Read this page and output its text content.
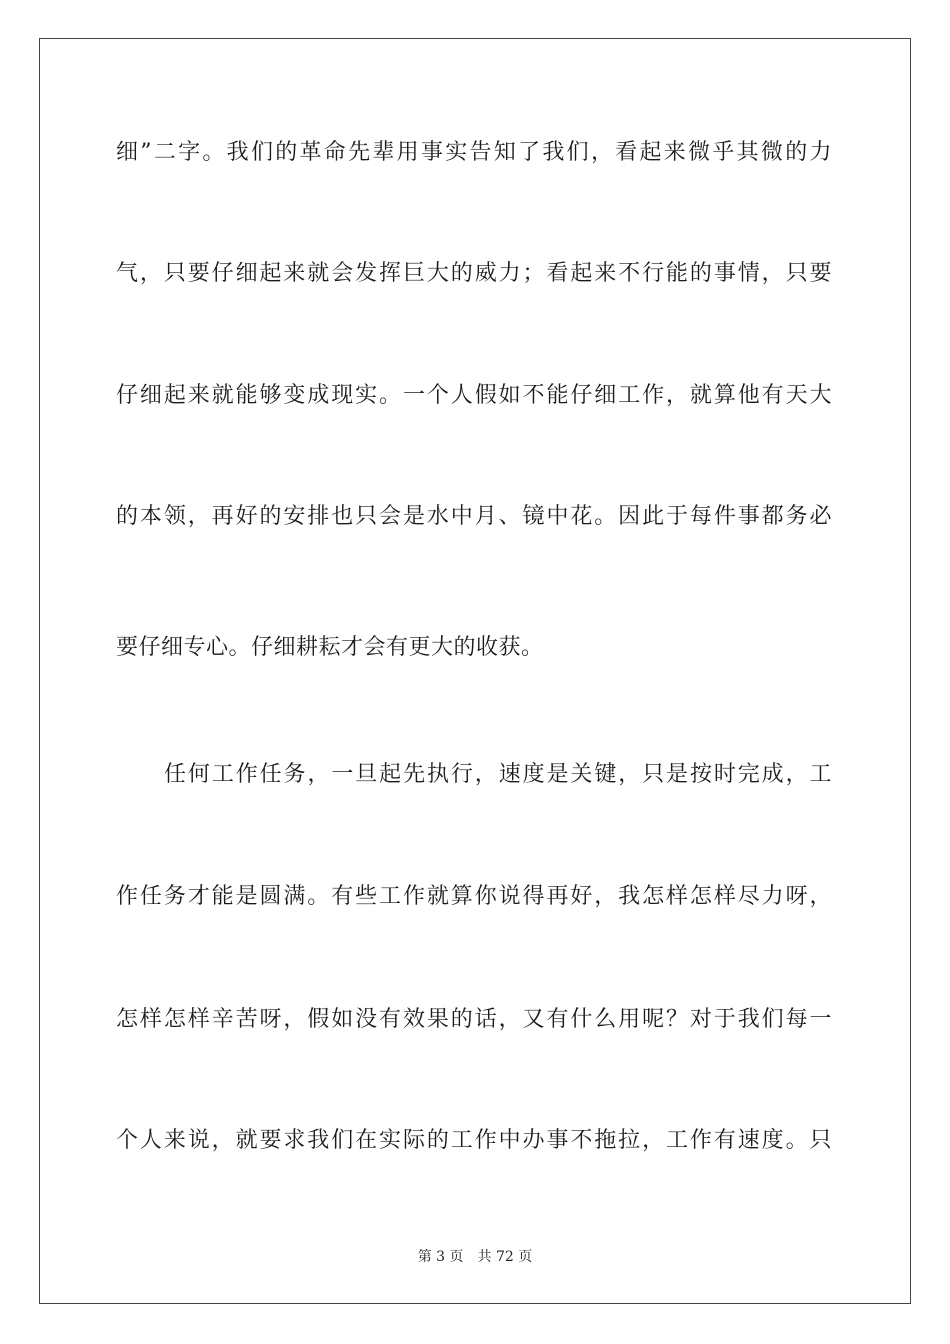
细”二字。我们的革命先辈用事实告知了我们，看起来微乎其微的力
气，只要仔细起来就会发挥巨大的威力；看起来不行能的事情，只要
仔细起来就能够变成现实。一个人假如不能仔细工作，就算他有天大
的本领，再好的安排也只会是水中月、镜中花。因此于每件事都务必
要仔细专心。仔细耕耘才会有更大的收获。
任何工作任务，一旦起先执行，速度是关键，只是按时完成，工
作任务才能是圆满。有些工作就算你说得再好，我怎样怎样尽力呀，
怎样怎样辛苦呀，假如没有效果的话，又有什么用呢？对于我们每一
个人来说，就要求我们在实际的工作中办事不拖拉，工作有速度。只
第 3 页 共 72 页
